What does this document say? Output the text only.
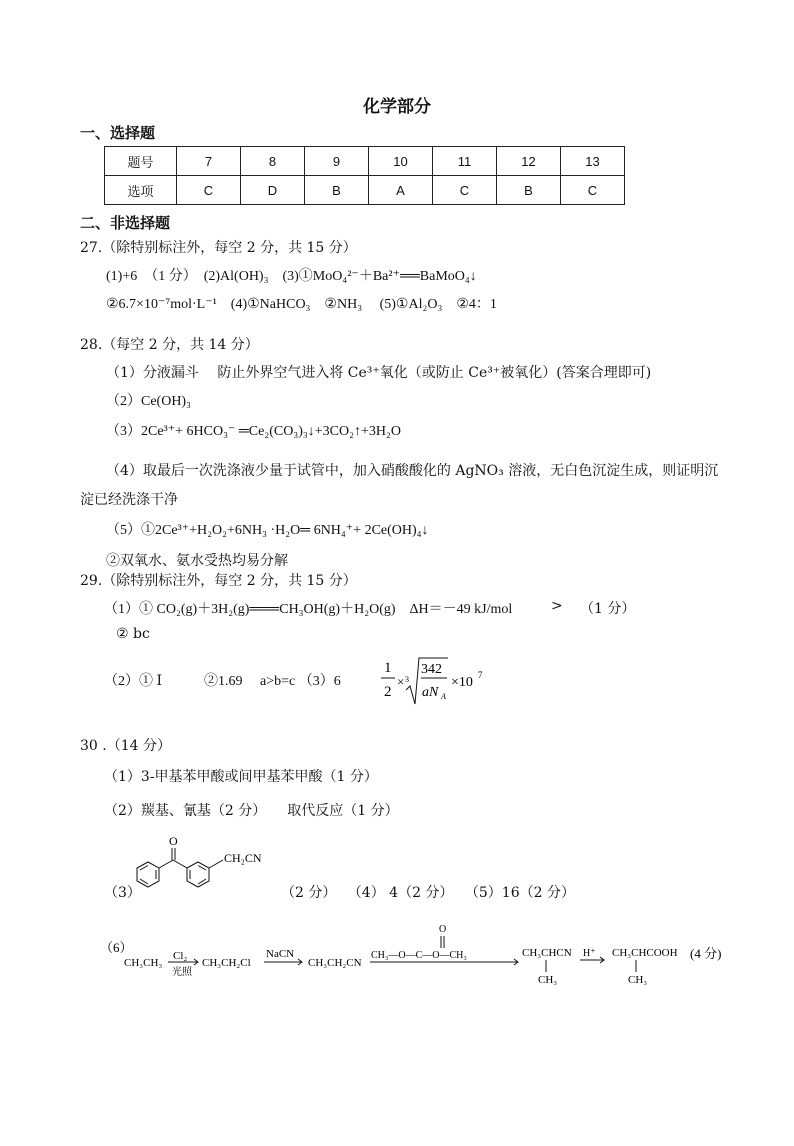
化学部分
一、选择题
题号	7	8	9	10	11	12	13
选项	C	D	B	A	C	B	C
二、非选择题
27.（除特别标注外，每空 2 分，共 15 分）
(1)+6　（1 分）　(2)Al(OH)₃　(3)①MoO₄²⁻＋Ba²⁺══BaMoO₄↓
②6.7×10⁻⁷mol·L⁻¹　(4)①NaHCO₃　②NH₃　 (5)①Al₂O₃　②4：1
28.（每空 2 分，共 14 分）
（1）分液漏斗　 防止外界空气进入将 Ce³⁺氧化（或防止 Ce³⁺被氧化）(答案合理即可)
（2）Ce(OH)₃
（3）2Ce³⁺+ 6HCO₃⁻ ═Ce₂(CO₃)₃↓+3CO₂↑+3H₂O
（4）取最后一次洗涤液少量于试管中，加入硝酸酸化的 AgNO₃ 溶液，无白色沉淀生成，则证明沉
淀已经洗涤干净
（5）①2Ce³⁺+H₂O₂+6NH₃ ·H₂O═ 6NH₄⁺+ 2Ce(OH)₄↓
②双氧水、氨水受热均易分解
29.（除特别标注外，每空 2 分，共 15 分）
（1）① CO₂(g)＋3H₂(g)═══CH₃OH(g)＋H₂O(g)　ΔH＝－49 kJ/mol	> （1 分）
② bc
（2）① Ⅰ　　　②1.69　 a>b=c （3）6
1
2
× 3
342
aN A
×10 7
30 .（14 分）
（1）3-甲基苯甲酸或间甲基苯甲酸（1 分）
（2）羰基、氰基（2 分）　　取代反应（1 分）
（3）
O
CH₂CN
（2 分）　 （4） 4（2 分）　 （5）16（2 分）
（6）
CH₃CH₃
Cl₂
光照
CH₃CH₂Cl
NaCN
CH₃CH₂CN
O
CH₃—O—C—O—CH₃	CH₃CHCN
CH₃
H⁺ CH₃CHCOOH
CH₃
(4 分)
